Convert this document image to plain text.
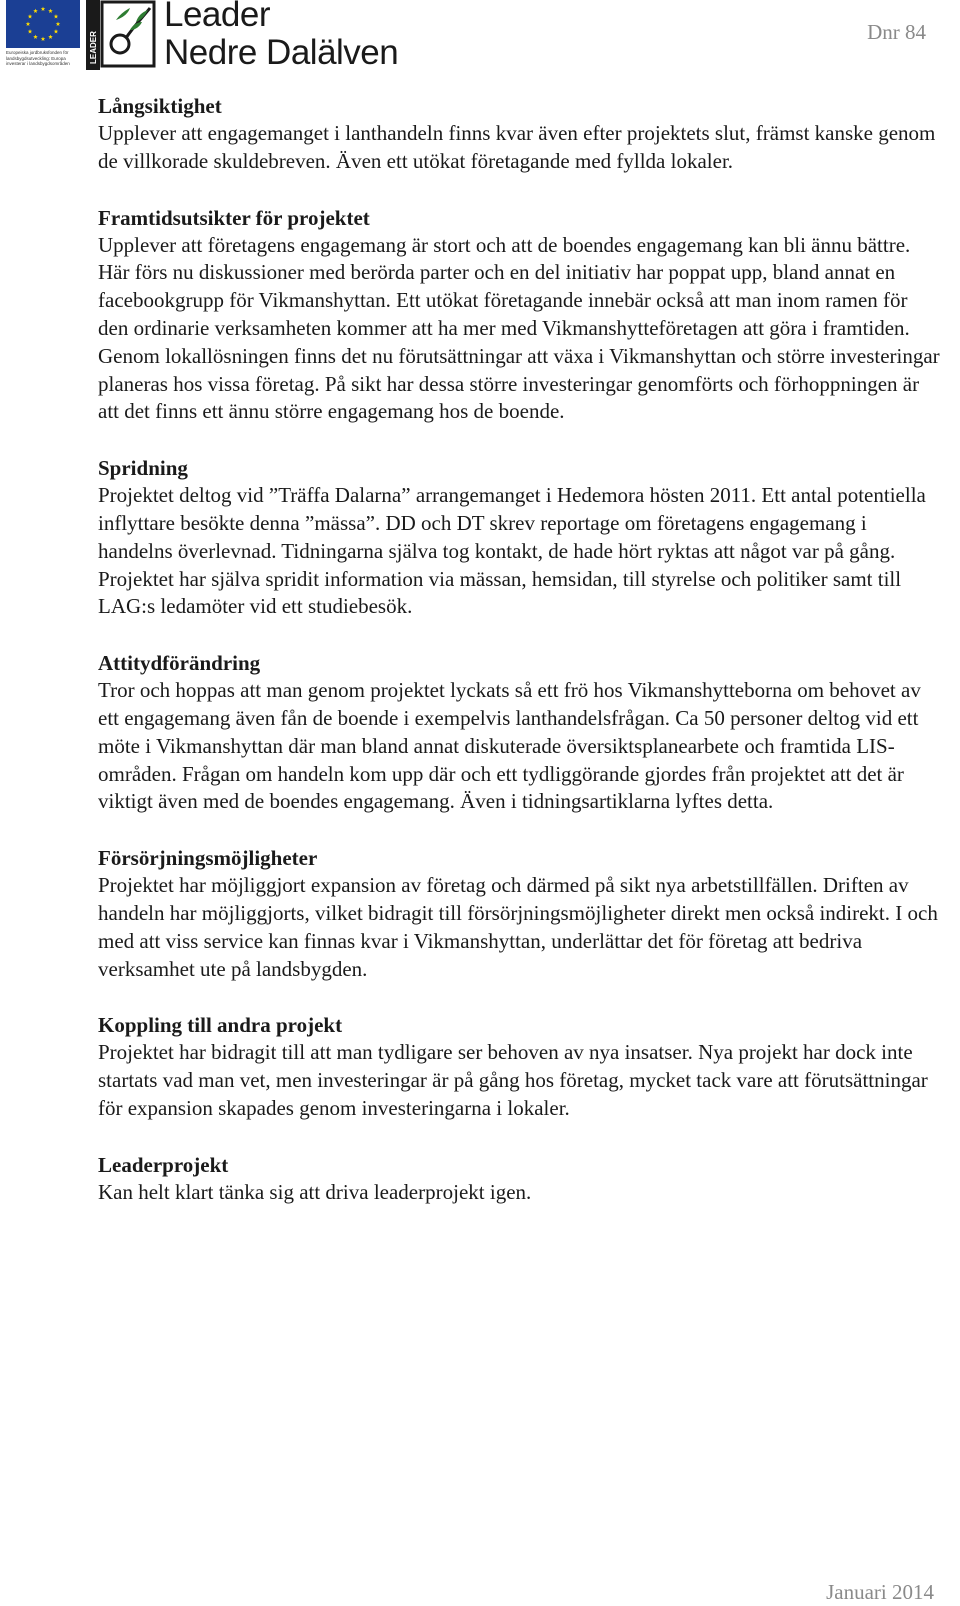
Europeiska jordbruksfonden för landsbygdsutveckling: Europa investerar i landsbygdsområden	LEADER
Leader
Nedre Dalälven
Dnr 84
Långsiktighet

Upplever att engagemanget i lanthandeln finns kvar även efter projektets slut, främst kanske genom de villkorade skuldebreven. Även ett utökat företagande med fyllda lokaler.

Framtidsutsikter för projektet

Upplever att företagens engagemang är stort och att de boendes engagemang kan bli ännu bättre. Här förs nu diskussioner med berörda parter och en del initiativ har poppat upp, bland annat en facebookgrupp för Vikmanshyttan. Ett utökat företagande innebär också att man inom ramen för den ordinarie verksamheten kommer att ha mer med Vikmanshytteföretagen att göra i framtiden. Genom lokallösningen finns det nu förutsättningar att växa i Vikmanshyttan och större investeringar planeras hos vissa företag. På sikt har dessa större investeringar genomförts och förhoppningen är att det finns ett ännu större engagemang hos de boende.

Spridning

Projektet deltog vid ”Träffa Dalarna” arrangemanget i Hedemora hösten 2011. Ett antal potentiella inflyttare besökte denna ”mässa”. DD och DT skrev reportage om företagens engagemang i handelns överlevnad. Tidningarna själva tog kontakt, de hade hört ryktas att något var på gång. Projektet har själva spridit information via mässan, hemsidan, till styrelse och politiker samt till LAG:s ledamöter vid ett studiebesök.

Attitydförändring

Tror och hoppas att man genom projektet lyckats så ett frö hos Vikmanshytteborna om behovet av ett engagemang även fån de boende i exempelvis lanthandelsfrågan. Ca 50 personer deltog vid ett möte i Vikmanshyttan där man bland annat diskuterade översiktsplanearbete och framtida LIS-områden. Frågan om handeln kom upp där och ett tydliggörande gjordes från projektet att det är viktigt även med de boendes engagemang. Även i tidningsartiklarna lyftes detta.

Försörjningsmöjligheter

Projektet har möjliggjort expansion av företag och därmed på sikt nya arbetstillfällen. Driften av handeln har möjliggjorts, vilket bidragit till försörjningsmöjligheter direkt men också indirekt. I och med att viss service kan finnas kvar i Vikmanshyttan, underlättar det för företag att bedriva verksamhet ute på landsbygden.

Koppling till andra projekt

Projektet har bidragit till att man tydligare ser behoven av nya insatser. Nya projekt har dock inte startats vad man vet, men investeringar är på gång hos företag, mycket tack vare att förutsättningar för expansion skapades genom investeringarna i lokaler.

Leaderprojekt

Kan helt klart tänka sig att driva leaderprojekt igen.

Januari 2014
